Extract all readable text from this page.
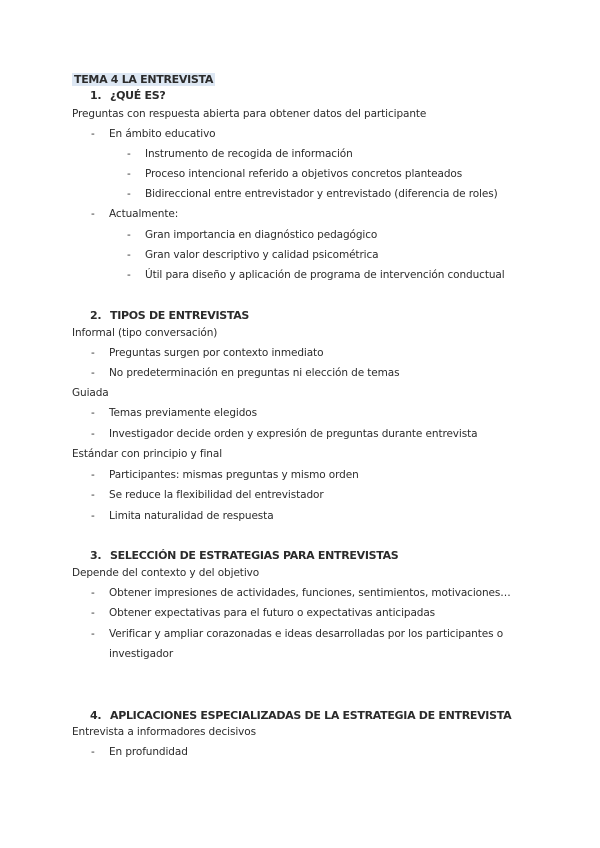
TEMA 4 LA ENTREVISTA
1. ¿QUÉ ES?
Preguntas con respuesta abierta para obtener datos del participante
- En ámbito educativo
- Instrumento de recogida de información
- Proceso intencional referido a objetivos concretos planteados
- Bidireccional entre entrevistador y entrevistado (diferencia de roles)
- Actualmente:
- Gran importancia en diagnóstico pedagógico
- Gran valor descriptivo y calidad psicométrica
- Útil para diseño y aplicación de programa de intervención conductual
2. TIPOS DE ENTREVISTAS
Informal (tipo conversación)
- Preguntas surgen por contexto inmediato
- No predeterminación en preguntas ni elección de temas
Guiada
- Temas previamente elegidos
- Investigador decide orden y expresión de preguntas durante entrevista
Estándar con principio y final
- Participantes: mismas preguntas y mismo orden
- Se reduce la flexibilidad del entrevistador
- Limita naturalidad de respuesta
3. SELECCIÓN DE ESTRATEGIAS PARA ENTREVISTAS
Depende del contexto y del objetivo
- Obtener impresiones de actividades, funciones, sentimientos, motivaciones…
- Obtener expectativas para el futuro o expectativas anticipadas
- Verificar y ampliar corazonadas e ideas desarrolladas por los participantes o
investigador
4. APLICACIONES ESPECIALIZADAS DE LA ESTRATEGIA DE ENTREVISTA
Entrevista a informadores decisivos
- En profundidad
